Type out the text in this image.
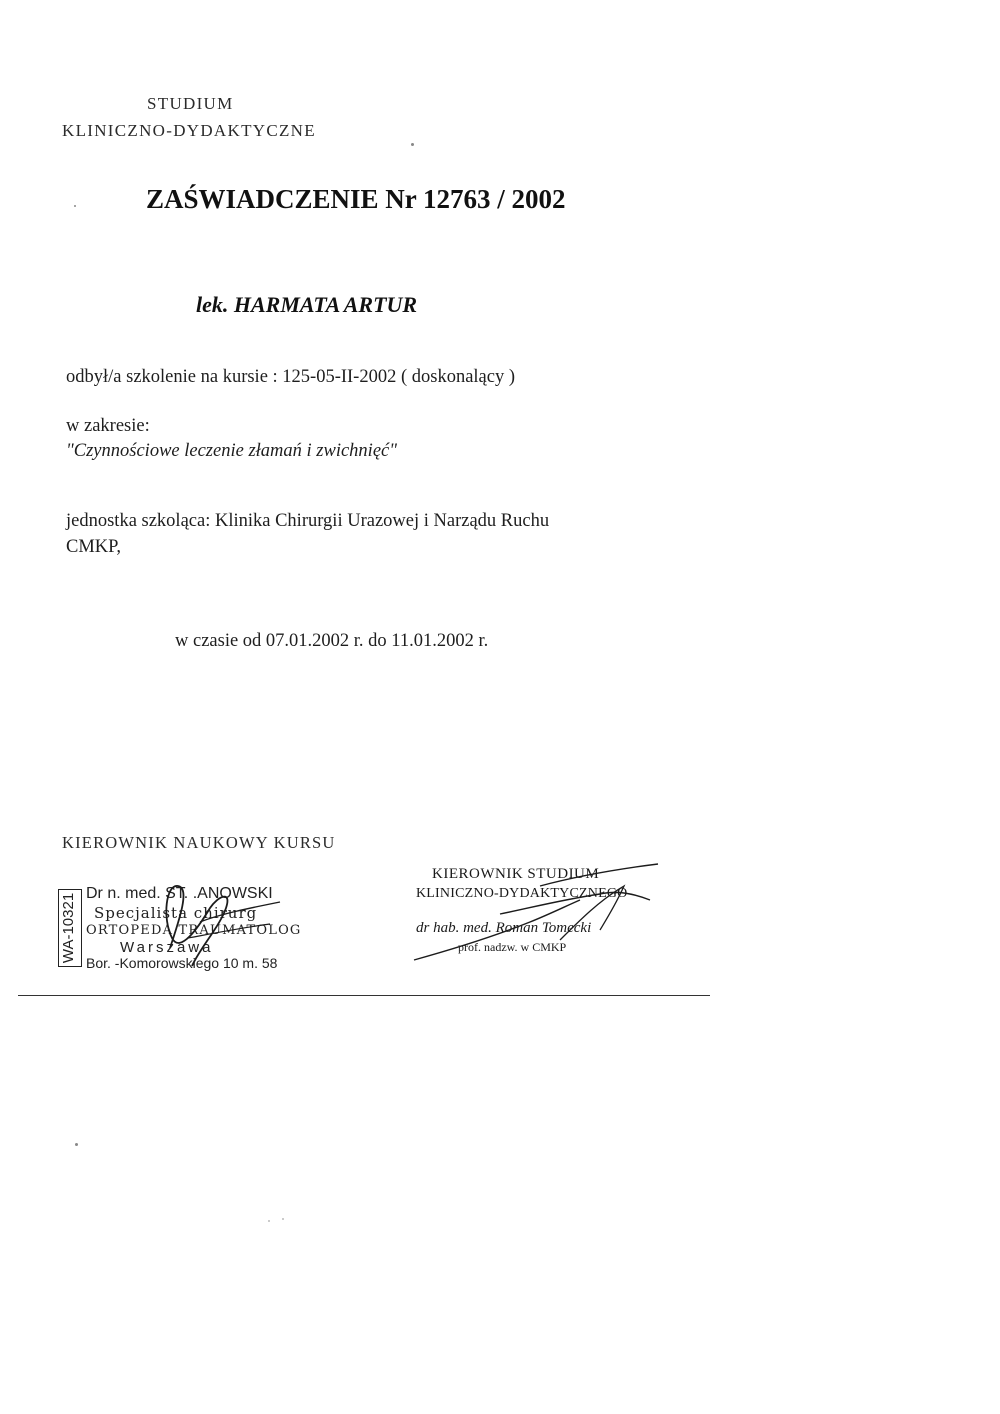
STUDIUM
KLINICZNO-DYDAKTYCZNE
ZAŚWIADCZENIE Nr 12763 / 2002
lek. HARMATA ARTUR
odbył/a szkolenie na kursie : 125-05-II-2002 ( doskonalący )
w zakresie:
"Czynnościowe leczenie złamań i zwichnięć"
jednostka szkoląca: Klinika Chirurgii Urazowej i Narządu Ruchu
CMKP,
w czasie od 07.01.2002 r. do 11.01.2002 r.
KIEROWNIK NAUKOWY KURSU
WA-10321 Dr n. med. ST. .ANOWSKI
Specjalista chirurg
ORTOPEDA TRAUMATOLOG
Warszawa
Bor. -Komorowskiego 10 m. 58
KIEROWNIK STUDIUM
KLINICZNO-DYDAKTYCZNEGO
dr hab. med. Roman Tomecki
prof. nadzw. w CMKP
